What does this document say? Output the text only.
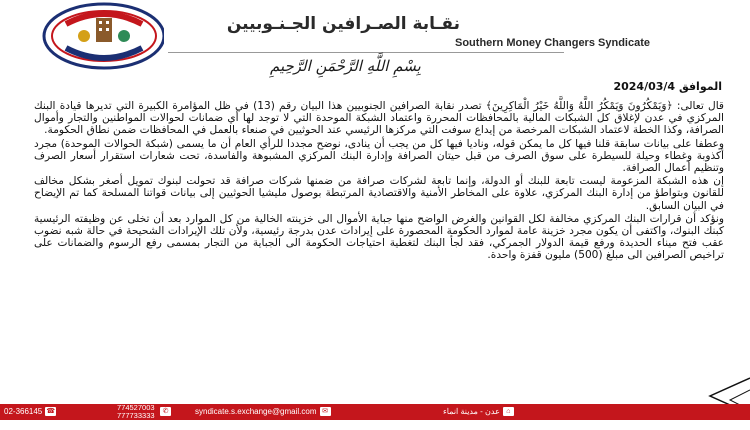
نقـابة الصـرافين الجـنـوبيين
Southern Money Changers Syndicate
بِسْمِ اللَّهِ الرَّحْمَنِ الرَّحِيمِ
الموافق 2024/03/4

قال تعالى: ﴿وَيَمْكُرُونَ وَيَمْكُرُ اللَّهُ وَاللَّهُ خَيْرُ الْمَاكِرِينَ﴾ تصدر نقابة الصرافين الجنوبيين هذا البيان رقم (13) في ظل المؤامرة الكبيرة التي تديرها قيادة البنك المركزي في عدن لإغلاق كل الشبكات المالية بالمحافظات المحررة واعتماد الشبكة الموحدة التي لا توجد لها أي ضمانات لحوالات المواطنين والتجار وأموال الصرافة، وكذا الخطة لاعتماد الشبكات المرخصة من إيداع سوفت التي مركزها الرئيسي عند الحوثيين في صنعاء بالعمل في المحافظات ضمن نطاق الحكومة.

وعطفا على بيانات سابقة قلنا فيها كل ما يمكن قوله، وناديا فيها كل من يجب أن ينادى، نوضح مجددا للرأي العام أن ما يسمى (شبكة الحوالات الموحدة) مجرد أكذوبة وغطاء وحيلة للسيطرة على سوق الصرف من قبل حيتان الصرافة وإدارة البنك المركزي المشبوهة والفاسدة، تحت شعارات استقرار أسعار الصرف وتنظيم أعمال الصرافة.

إن هذه الشبكة المزعومة ليست تابعة للبنك أو الدولة، وإنما تابعة لشركات صرافة من ضمنها شركات صرافة قد تحولت لبنوك تمويل أصغر بشكل مخالف للقانون وبتواطؤ من إدارة البنك المركزي، علاوة على المخاطر الأمنية والاقتصادية المرتبطة بوصول مليشيا الحوثيين إلى بيانات قواتنا المسلحة كما تم الإيضاح في البيان السابق.

ونؤكد أن قرارات البنك المركزي مخالفة لكل القوانين والغرض الواضح منها جباية الأموال الى خزينته الخالية من كل الموارد بعد أن تخلى عن وظيفته الرئيسية كبنك البنوك، واكتفى أن يكون مجرد خزينة عامة لموارد الحكومة المحصورة على إيرادات عدن بدرجة رئيسية، ولأن تلك الإيرادات الشحيحة في حالة شبه نضوب عقب فتح ميناء الحديدة ورفع قيمة الدولار الجمركي، فقد لجأ البنك لتغطية احتياجات الحكومة الى الجباية من التجار بمسمى رفع الرسوم والضمانات على تراخيص الصرافين الى مبلغ (500) مليون قفزة واحدة.

02-366145 ☎	774527003
777733333	✆	syndicate.s.exchange@gmail.com ✉	⌂عدن - مدينة انماء
